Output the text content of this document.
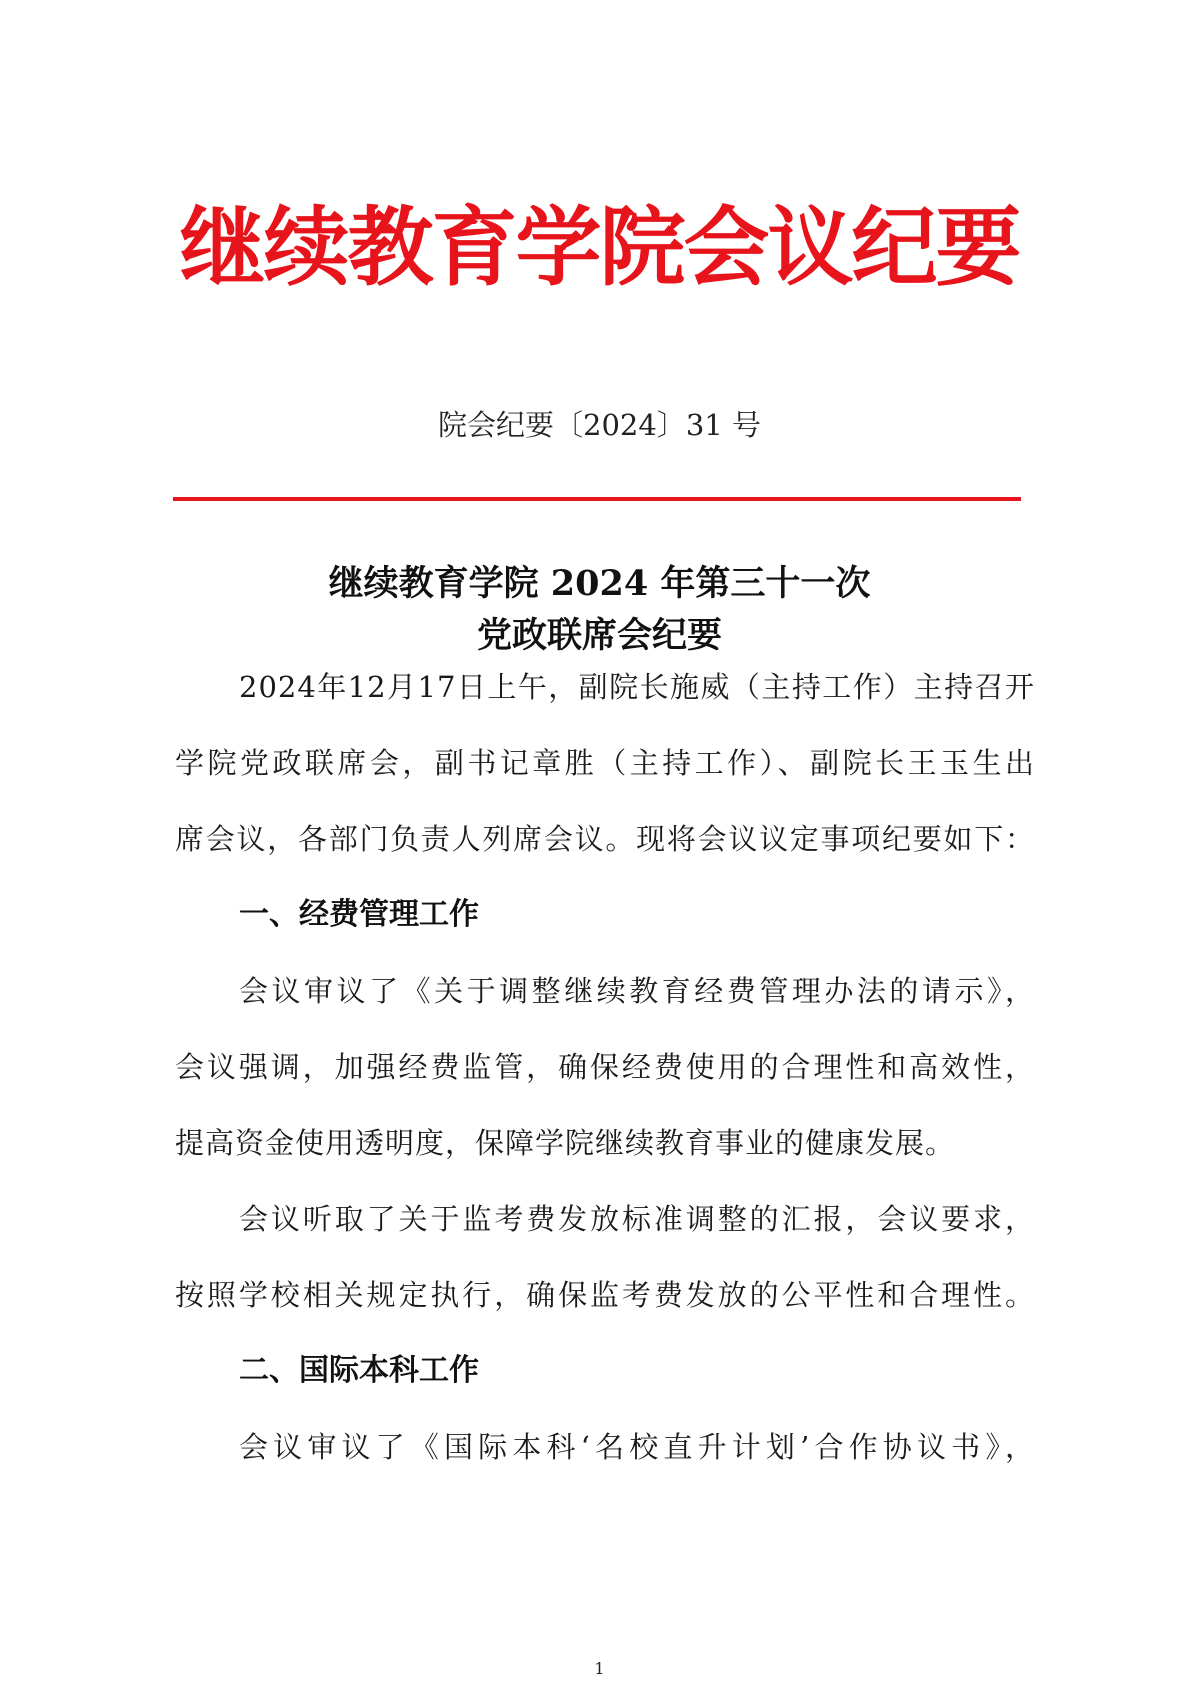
继续教育学院会议纪要
院会纪要〔2024〕31 号
继续教育学院 2024 年第三十一次
党政联席会纪要
2024年12月17日上午，副院长施威（主持工作）主持召开
学院党政联席会，副书记章胜（主持工作）、副院长王玉生出
席会议，各部门负责人列席会议。现将会议议定事项纪要如下：
一、经费管理工作
会议审议了《关于调整继续教育经费管理办法的请示》，
会议强调，加强经费监管，确保经费使用的合理性和高效性，
提高资金使用透明度，保障学院继续教育事业的健康发展。
会议听取了关于监考费发放标准调整的汇报，会议要求，
按照学校相关规定执行，确保监考费发放的公平性和合理性。
二、国际本科工作
会议审议了《国际本科‘名校直升计划’合作协议书》，
1
